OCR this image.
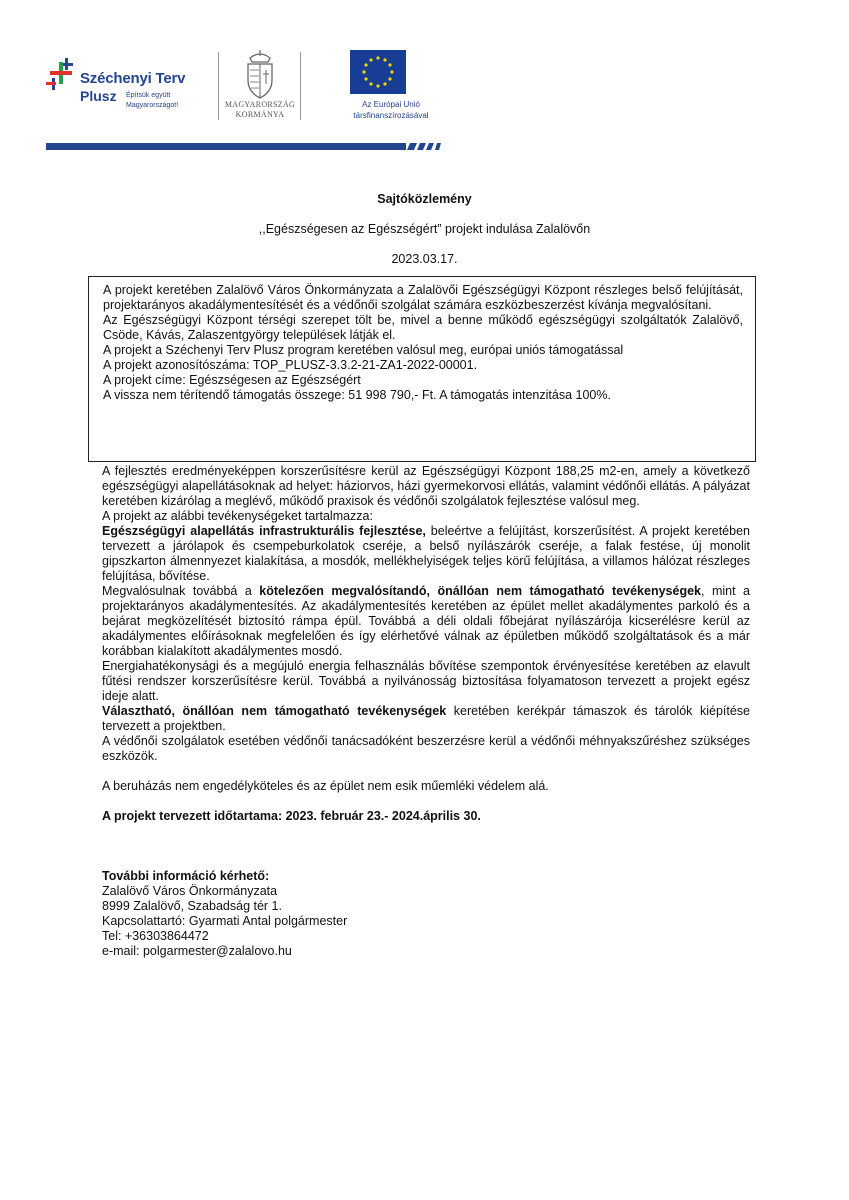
Széchenyi Terv
Plusz Építsük együtt Magyarországot!	MAGYARORSZÁG KORMÁNYA
Az Európai Unió társfinanszírozásával
Sajtóközlemény
,,Egészségesen az Egészségért” projekt indulása Zalalövőn
2023.03.17.

A projekt keretében Zalalövő Város Önkormányzata a Zalalövői Egészségügyi Központ részleges belső felújítását, projektarányos akadálymentesítését és a védőnői szolgálat számára eszközbeszerzést kívánja megvalósítani.

Az Egészségügyi Központ térségi szerepet tölt be, mivel a benne működő egészségügyi szolgáltatók Zalalövő, Csöde, Kávás, Zalaszentgyörgy települések látják el.

A projekt a Széchenyi Terv Plusz program keretében valósul meg, európai uniós támogatással

A projekt azonosítószáma: TOP_PLUSZ-3.3.2-21-ZA1-2022-00001.

A projekt címe: Egészségesen az Egészségért

A vissza nem térítendő támogatás összege: 51 998 790,- Ft. A támogatás intenzitása 100%.

A fejlesztés eredményeképpen korszerűsítésre kerül az Egészségügyi Központ 188,25 m2-en, amely a következő egészségügyi alapellátásoknak ad helyet: háziorvos, házi gyermekorvosi ellátás, valamint védőnői ellátás. A pályázat keretében kizárólag a meglévő, működő praxisok és védőnői szolgálatok fejlesztése valósul meg.

A projekt az alábbi tevékenységeket tartalmazza:

Egészségügyi alapellátás infrastrukturális fejlesztése, beleértve a felújítást, korszerűsítést. A projekt keretében tervezett a járólapok és csempeburkolatok cseréje, a belső nyílászárók cseréje, a falak festése, új monolit gipszkarton álmennyezet kialakítása, a mosdók, mellékhelyiségek teljes körű felújítása, a villamos hálózat részleges felújítása, bővítése.

Megvalósulnak továbbá a kötelezően megvalósítandó, önállóan nem támogatható tevékenységek, mint a projektarányos akadálymentesítés. Az akadálymentesítés keretében az épület mellet akadálymentes parkoló és a bejárat megközelítését biztosító rámpa épül. Továbbá a déli oldali főbejárat nyílászárója kicserélésre kerül az akadálymentes előírásoknak megfelelően és így elérhetővé válnak az épületben működő szolgáltatások és a már korábban kialakított akadálymentes mosdó.

Energiahatékonysági és a megújuló energia felhasználás bővítése szempontok érvényesítése keretében az elavult fűtési rendszer korszerűsítésre kerül. Továbbá a nyilvánosság biztosítása folyamatoson tervezett a projekt egész ideje alatt.

Választható, önállóan nem támogatható tevékenységek keretében kerékpár támaszok és tárolók kiépítése tervezett a projektben.

A védőnői szolgálatok esetében védőnői tanácsadóként beszerzésre kerül a védőnői méhnyakszűréshez szükséges eszközök.

A beruházás nem engedélyköteles és az épület nem esik műemléki védelem alá.

A projekt tervezett időtartama: 2023. február 23.- 2024.április 30.

További információ kérhető:

Zalalövő Város Önkormányzata

8999 Zalalövő, Szabadság tér 1.

Kapcsolattartó: Gyarmati Antal polgármester

Tel: +36303864472

e-mail: polgarmester@zalalovo.hu
